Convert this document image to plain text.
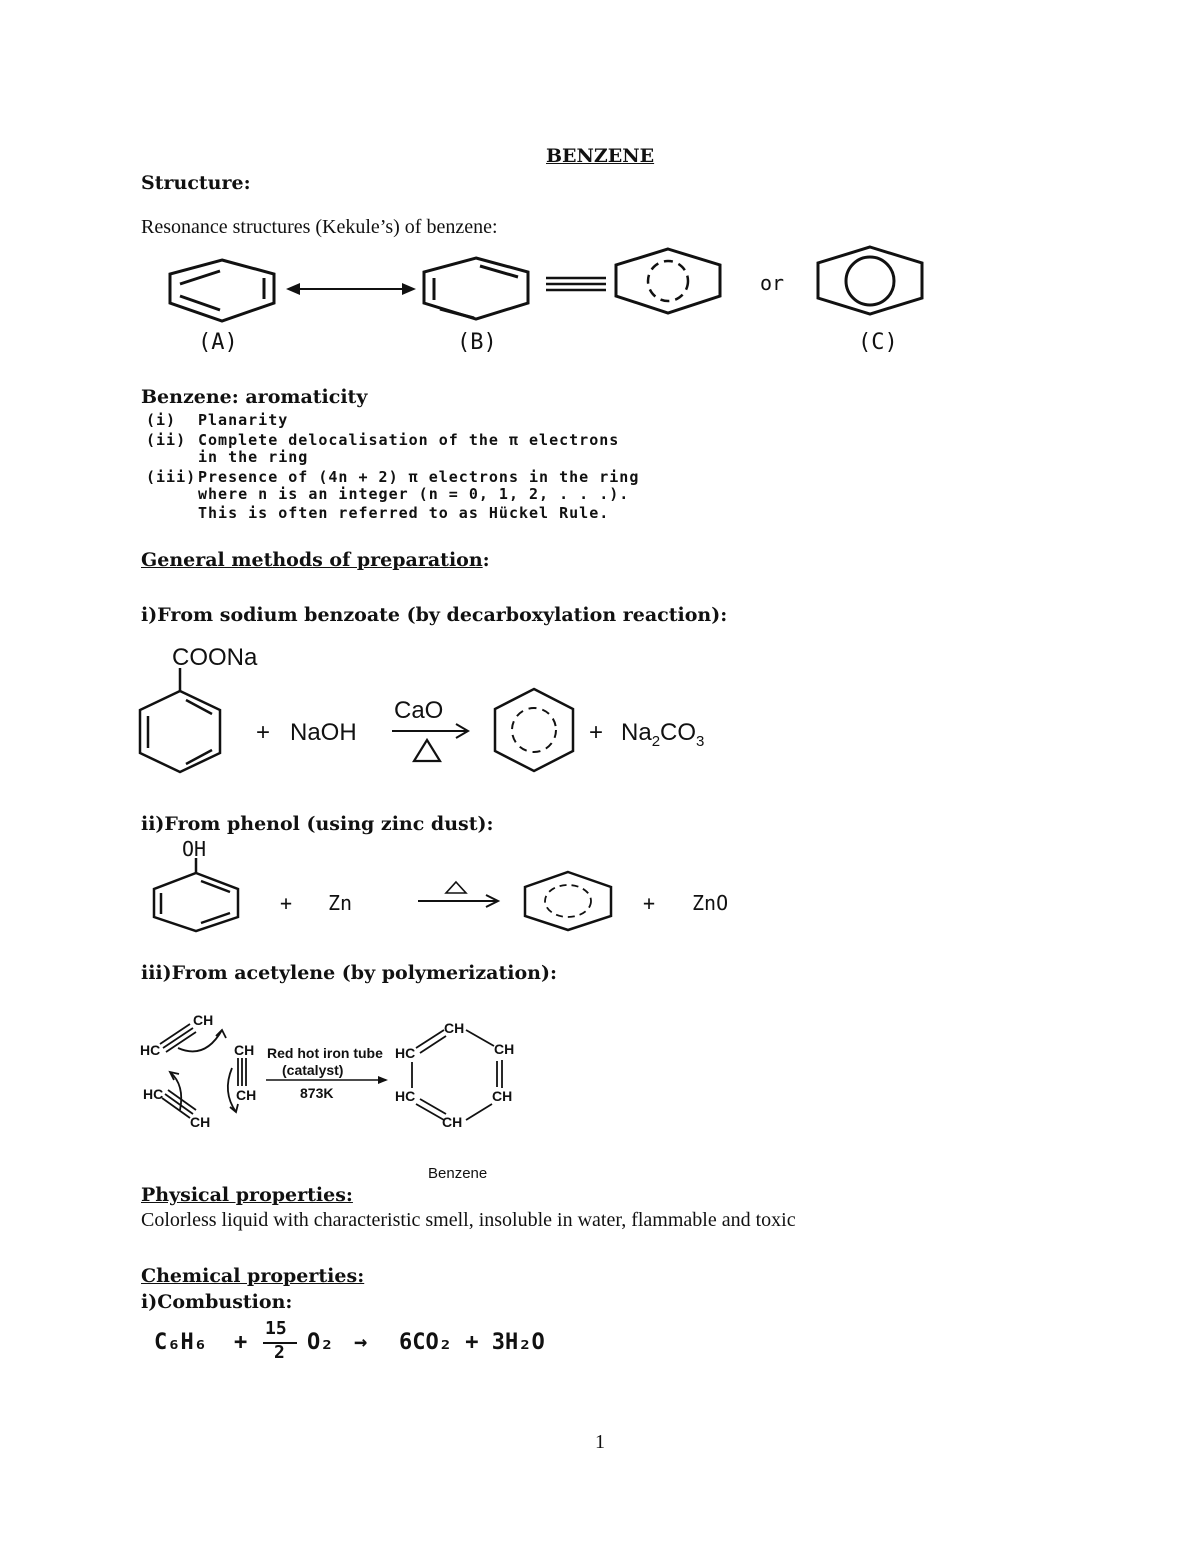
BENZENE
Structure:
Resonance structures (Kekule’s) of benzene:
or
(A)	(B)	(C)
Benzene: aromaticity
(i) Planarity
(ii) Complete delocalisation of the π electrons
in the ring
(iii) Presence of (4n + 2) π electrons in the ring
where n is an integer (n = 0, 1, 2, . . .).
This is often referred to as Hückel Rule.
General methods of preparation:
i)From sodium benzoate (by decarboxylation reaction):
COONa
+ NaOH
CaO
+ $Na_2CO_3$
ii)From phenol (using zinc dust):
OH
+ Zn	+ ZnO
iii)From acetylene (by polymerization):
CH
HC	CH
CH
HC
CH
Red hot iron tube
(catalyst)
873K
CH
HC	CH
HC	CH
CH
Benzene
Physical properties:
Colorless liquid with characteristic smell, insoluble in water, flammable and toxic
Chemical properties:
i)Combustion:
C₆H₆ +
15
2 O₂ → 6CO₂ + 3H₂O
1
